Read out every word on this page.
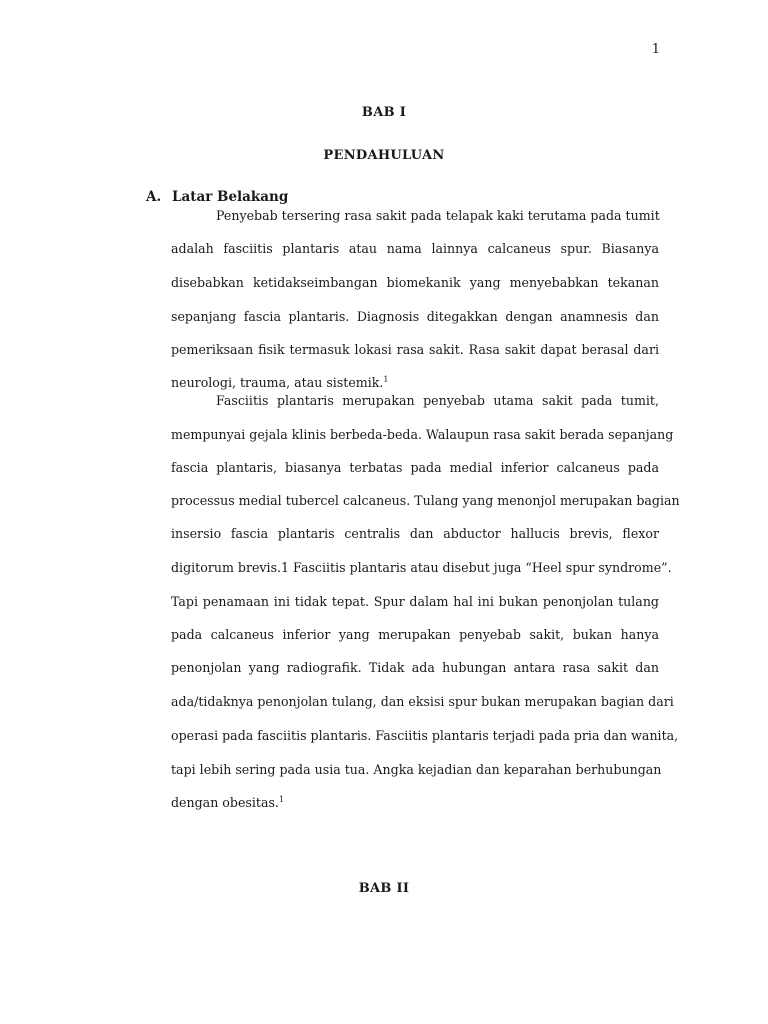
1
BAB I
PENDAHULUAN
A. Latar Belakang
Penyebab tersering rasa sakit pada telapak kaki terutama pada tumit
adalah fasciitis plantaris atau nama lainnya calcaneus spur. Biasanya
disebabkan ketidakseimbangan biomekanik yang menyebabkan tekanan
sepanjang fascia plantaris. Diagnosis ditegakkan dengan anamnesis dan
pemeriksaan fisik termasuk lokasi rasa sakit. Rasa sakit dapat berasal dari
neurologi, trauma, atau sistemik.$^1$
Fasciitis plantaris merupakan penyebab utama sakit pada tumit,
mempunyai gejala klinis berbeda-beda. Walaupun rasa sakit berada sepanjang
fascia plantaris, biasanya terbatas pada medial inferior calcaneus pada
processus medial tubercel calcaneus. Tulang yang menonjol merupakan bagian
insersio fascia plantaris centralis dan abductor hallucis brevis, flexor
digitorum brevis.1 Fasciitis plantaris atau disebut juga “Heel spur syndrome”.
Tapi penamaan ini tidak tepat. Spur dalam hal ini bukan penonjolan tulang
pada calcaneus inferior yang merupakan penyebab sakit, bukan hanya
penonjolan yang radiografik. Tidak ada hubungan antara rasa sakit dan
ada/tidaknya penonjolan tulang, dan eksisi spur bukan merupakan bagian dari
operasi pada fasciitis plantaris. Fasciitis plantaris terjadi pada pria dan wanita,
tapi lebih sering pada usia tua. Angka kejadian dan keparahan berhubungan
dengan obesitas.$^1$
BAB II
